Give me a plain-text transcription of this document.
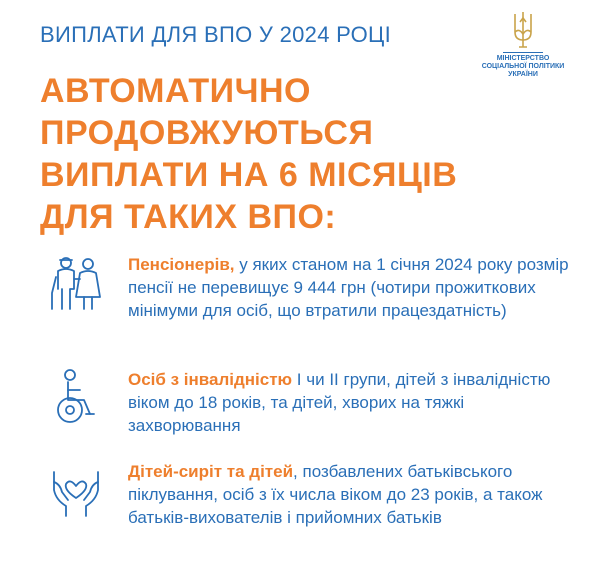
ВИПЛАТИ ДЛЯ ВПО У 2024 РОЦІ
МІНІСТЕРСТВО
СОЦІАЛЬНОЇ ПОЛІТИКИ
УКРАЇНИ
АВТОМАТИЧНО
ПРОДОВЖУЮТЬСЯ
ВИПЛАТИ НА 6 МІСЯЦІВ
ДЛЯ ТАКИХ ВПО:
Пенсіонерів, у яких станом на 1 січня 2024 року розмір пенсії не перевищує 9 444 грн (чотири прожиткових мінімуми для осіб, що втратили працездатність)
Осіб з інвалідністю І чи ІІ групи, дітей з інвалідністю віком до 18 років, та дітей, хворих на тяжкі захворювання
Дітей-сиріт та дітей, позбавлених батьківського піклування, осіб з їх числа віком до 23 років, а також батьків-вихователів і прийомних батьків
